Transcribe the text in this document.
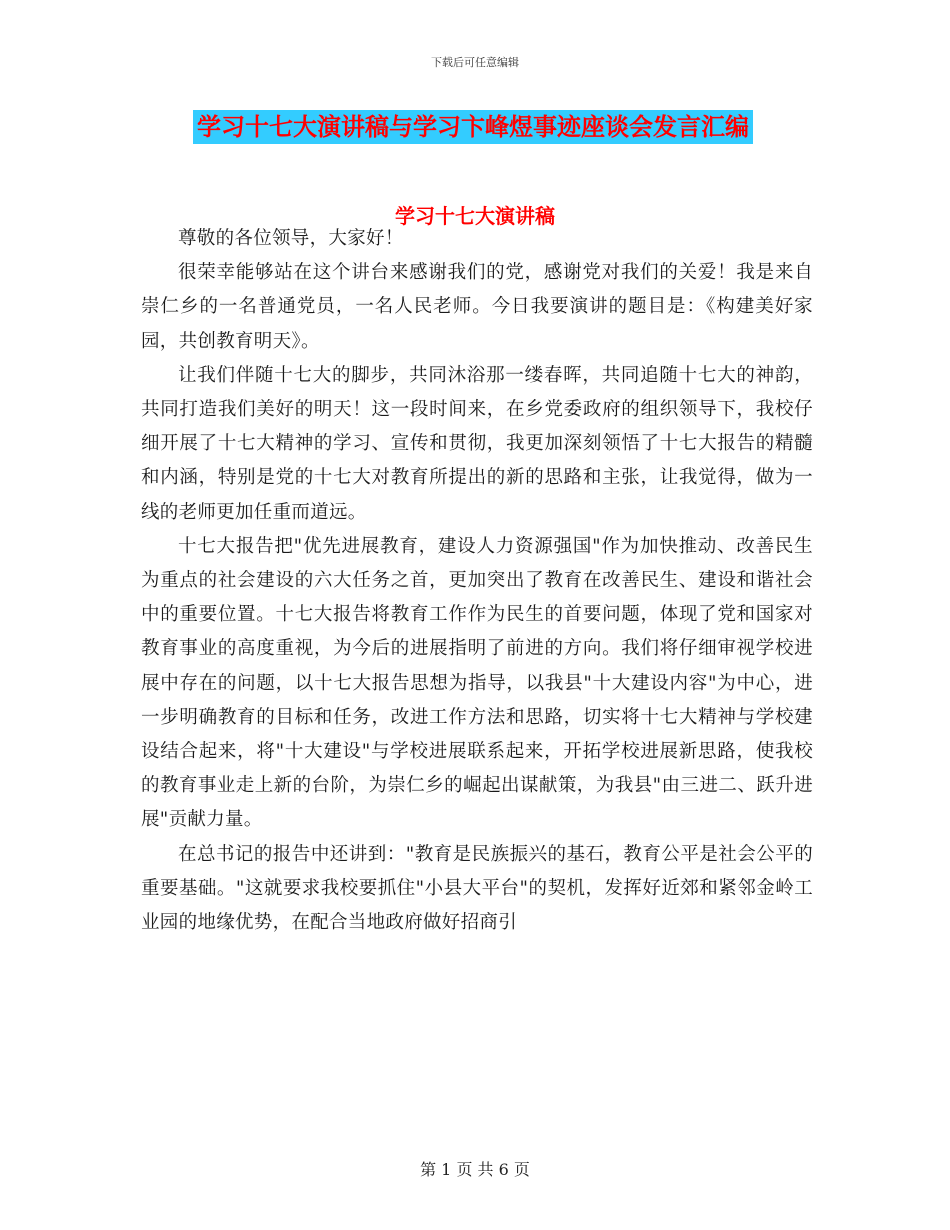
下载后可任意编辑
学习十七大演讲稿与学习卞峰煜事迹座谈会发言汇编
学习十七大演讲稿

尊敬的各位领导，大家好！

很荣幸能够站在这个讲台来感谢我们的党，感谢党对我们的关爱！我是来自崇仁乡的一名普通党员，一名人民老师。今日我要演讲的题目是：《构建美好家园，共创教育明天》。

让我们伴随十七大的脚步，共同沐浴那一缕春晖，共同追随十七大的神韵，共同打造我们美好的明天！这一段时间来，在乡党委政府的组织领导下，我校仔细开展了十七大精神的学习、宣传和贯彻，我更加深刻领悟了十七大报告的精髓和内涵，特别是党的十七大对教育所提出的新的思路和主张，让我觉得，做为一线的老师更加任重而道远。

十七大报告把"优先进展教育，建设人力资源强国"作为加快推动、改善民生为重点的社会建设的六大任务之首，更加突出了教育在改善民生、建设和谐社会中的重要位置。十七大报告将教育工作作为民生的首要问题，体现了党和国家对教育事业的高度重视，为今后的进展指明了前进的方向。我们将仔细审视学校进展中存在的问题，以十七大报告思想为指导，以我县"十大建设内容"为中心，进一步明确教育的目标和任务，改进工作方法和思路，切实将十七大精神与学校建设结合起来，将"十大建设"与学校进展联系起来，开拓学校进展新思路，使我校的教育事业走上新的台阶，为崇仁乡的崛起出谋献策，为我县"由三进二、跃升进展"贡献力量。

在总书记的报告中还讲到："教育是民族振兴的基石，教育公平是社会公平的重要基础。"这就要求我校要抓住"小县大平台"的契机，发挥好近郊和紧邻金岭工业园的地缘优势，在配合当地政府做好招商引

第 1 页 共 6 页
